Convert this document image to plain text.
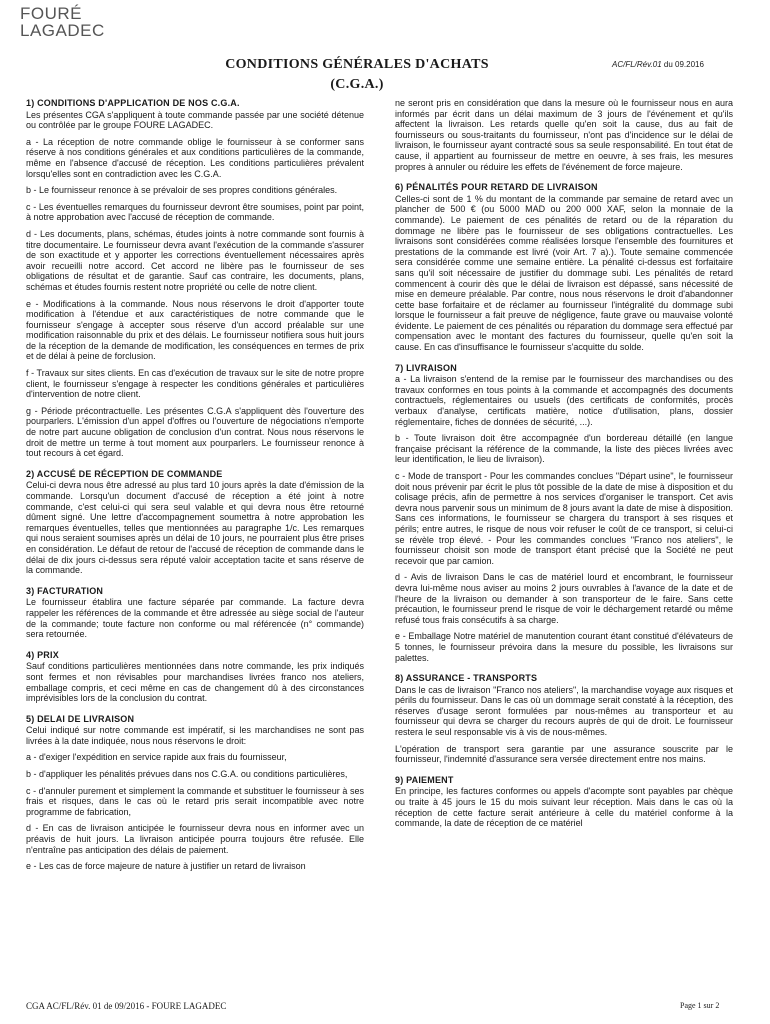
FOURÉ
LAGADEC
CONDITIONS GÉNÉRALES D'ACHATS
(C.G.A.)
AC/FL/Rév.01 du 09.2016
1) CONDITIONS D'APPLICATION DE NOS C.G.A.

Les présentes CGA s'appliquent à toute commande passée par une société détenue ou contrôlée par le groupe FOURE LAGADEC.

a - La réception de notre commande oblige le fournisseur à se conformer sans réserve à nos conditions générales et aux conditions particulières de la commande, même en l'absence d'accusé de réception. Les conditions particulières prévalent lorsqu'elles sont en contradiction avec les C.G.A.

b - Le fournisseur renonce à se prévaloir de ses propres conditions générales.

c - Les éventuelles remarques du fournisseur devront être soumises, point par point, à notre approbation avec l'accusé de réception de commande.

d - Les documents, plans, schémas, études joints à notre commande sont fournis à titre documentaire. Le fournisseur devra avant l'exécution de la commande s'assurer de son exactitude et y apporter les corrections éventuellement nécessaires après avoir recueilli notre accord. Cet accord ne libère pas le fournisseur de ses obligations de résultat et de garantie. Sauf cas contraire, les documents, plans, schémas et études fournis restent notre propriété ou celle de notre client.

e - Modifications à la commande. Nous nous réservons le droit d'apporter toute modification à l'étendue et aux caractéristiques de notre commande que le fournisseur s'engage à accepter sous réserve d'un accord préalable sur une modification raisonnable du prix et des délais. Le fournisseur notifiera sous huit jours de la réception de la demande de modification, les conséquences en termes de prix et de délai à peine de forclusion.

f - Travaux sur sites clients. En cas d'exécution de travaux sur le site de notre propre client, le fournisseur s'engage à respecter les conditions générales et particulières d'intervention de notre client.

g - Période précontractuelle. Les présentes C.G.A s'appliquent dès l'ouverture des pourparlers. L'émission d'un appel d'offres ou l'ouverture de négociations n'emporte de notre part aucune obligation de conclusion d'un contrat. Nous nous réservons le droit de mettre un terme à tout moment aux pourparlers. Le fournisseur renonce à tout recours à cet égard.

2) ACCUSÉ DE RÉCEPTION DE COMMANDE

Celui-ci devra nous être adressé au plus tard 10 jours après la date d'émission de la commande. Lorsqu'un document d'accusé de réception a été joint à notre commande, c'est celui-ci qui sera seul valable et qui devra nous être retourné dûment signé. Une lettre d'accompagnement soumettra à notre approbation les remarques éventuelles, telles que mentionnées au paragraphe 1/c. Les remarques qui nous seraient soumises après un délai de 10 jours, ne pourraient plus être prises en considération. Le défaut de retour de l'accusé de réception de commande dans le délai de dix jours ci-dessus sera réputé valoir acceptation tacite et sans réserve de la commande.

3) FACTURATION

Le fournisseur établira une facture séparée par commande. La facture devra rappeler les références de la commande et être adressée au siège social de l'auteur de la commande; toute facture non conforme ou mal référencée (n° commande) sera retournée.

4) PRIX

Sauf conditions particulières mentionnées dans notre commande, les prix indiqués sont fermes et non révisables pour marchandises livrées franco nos ateliers, emballage compris, et ceci même en cas de changement dû à des circonstances imprévisibles lors de la conclusion du contrat.

5) DELAI DE LIVRAISON

Celui indiqué sur notre commande est impératif, si les marchandises ne sont pas livrées à la date indiquée, nous nous réservons le droit:

a - d'exiger l'expédition en service rapide aux frais du fournisseur,

b - d'appliquer les pénalités prévues dans nos C.G.A. ou conditions particulières,

c - d'annuler purement et simplement la commande et substituer le fournisseur à ses frais et risques, dans le cas où le retard pris serait incompatible avec notre programme de fabrication,

d - En cas de livraison anticipée le fournisseur devra nous en informer avec un préavis de huit jours. La livraison anticipée pourra toujours être refusée. Elle n'entraîne pas anticipation des délais de paiement.

e - Les cas de force majeure de nature à justifier un retard de livraison

ne seront pris en considération que dans la mesure où le fournisseur nous en aura informés par écrit dans un délai maximum de 3 jours de l'événement et qu'ils affectent la livraison. Les retards quelle qu'en soit la cause, dus au fait de fournisseurs ou sous-traitants du fournisseur, n'ont pas d'incidence sur le délai de livraison, le fournisseur ayant contracté sous sa seule responsabilité. En tout état de cause, il appartient au fournisseur de mettre en oeuvre, à ses frais, les mesures propres à annuler ou réduire les effets de l'événement de force majeure.

6) PÉNALITÉS POUR RETARD DE LIVRAISON

Celles-ci sont de 1 % du montant de la commande par semaine de retard avec un plancher de 500 € (ou 5000 MAD ou 200 000 XAF, selon la monnaie de la commande). Le paiement de ces pénalités de retard ou de la réparation du dommage ne libère pas le fournisseur de ses obligations contractuelles. Les livraisons sont considérées comme réalisées lorsque l'ensemble des fournitures et prestations de la commande est livré (voir Art. 7 a).). Toute semaine commencée sera considérée comme une semaine entière. La pénalité ci-dessus est forfaitaire sans qu'il soit nécessaire de justifier du dommage subi. Les pénalités de retard commencent à courir dès que le délai de livraison est dépassé, sans nécessité de mise en demeure préalable. Par contre, nous nous réservons le droit d'abandonner cette base forfaitaire et de réclamer au fournisseur l'intégralité du dommage subi lorsque le fournisseur a fait preuve de négligence, faute grave ou mauvaise volonté évidente. Le paiement de ces pénalités ou réparation du dommage sera effectué par compensation avec le montant des factures du fournisseur, quelle qu'en soit la cause. En cas d'insuffisance le fournisseur s'acquitte du solde.

7) LIVRAISON

a - La livraison s'entend de la remise par le fournisseur des marchandises ou des travaux conformes en tous points à la commande et accompagnés des documents contractuels, réglementaires ou usuels (des certificats de conformités, procès verbaux d'analyse, certificats matière, notice d'utilisation, plans, dossier réglementaire, fiches de données de sécurité, ...).

b - Toute livraison doit être accompagnée d'un bordereau détaillé (en langue française précisant la référence de la commande, la liste des pièces livrées avec leur identification, le lieu de livraison).

c - Mode de transport - Pour les commandes conclues "Départ usine", le fournisseur doit nous prévenir par écrit le plus tôt possible de la date de mise à disposition et du colisage précis, afin de permettre à nos services d'organiser le transport. Cet avis devra nous parvenir sous un minimum de 8 jours avant la date de mise à disposition. Sans ces informations, le fournisseur se chargera du transport à ses risques et périls; entre autres, le risque de nous voir refuser le coût de ce transport, si celui-ci se révèle trop élevé. - Pour les commandes conclues "Franco nos ateliers", le fournisseur choisit son mode de transport étant précisé que la Société ne peut recevoir que par camion.

d - Avis de livraison Dans le cas de matériel lourd et encombrant, le fournisseur devra lui-même nous aviser au moins 2 jours ouvrables à l'avance de la date et de l'heure de la livraison ou demander à son transporteur de le faire. Sans cette précaution, le fournisseur prend le risque de voir le déchargement retardé ou même refusé tous frais consécutifs à sa charge.

e - Emballage Notre matériel de manutention courant étant constitué d'élévateurs de 5 tonnes, le fournisseur prévoira dans la mesure du possible, les livraisons sur palettes.

8) ASSURANCE - TRANSPORTS

Dans le cas de livraison "Franco nos ateliers", la marchandise voyage aux risques et périls du fournisseur. Dans le cas où un dommage serait constaté à la réception, des réserves d'usage seront formulées par nous-mêmes au transporteur et au fournisseur qui devra se charger du recours auprès de qui de droit. Le fournisseur restera le seul responsable vis à vis de nous-mêmes.

L'opération de transport sera garantie par une assurance souscrite par le fournisseur, l'indemnité d'assurance sera versée directement entre nos mains.

9) PAIEMENT

En principe, les factures conformes ou appels d'acompte sont payables par chèque ou traite à 45 jours le 15 du mois suivant leur réception. Mais dans le cas où la réception de cette facture serait antérieure à celle du matériel conforme à la commande, la date de réception de ce matériel

CGA AC/FL/Rév. 01 de 09/2016 - FOURE LAGADEC	Page 1 sur 2
